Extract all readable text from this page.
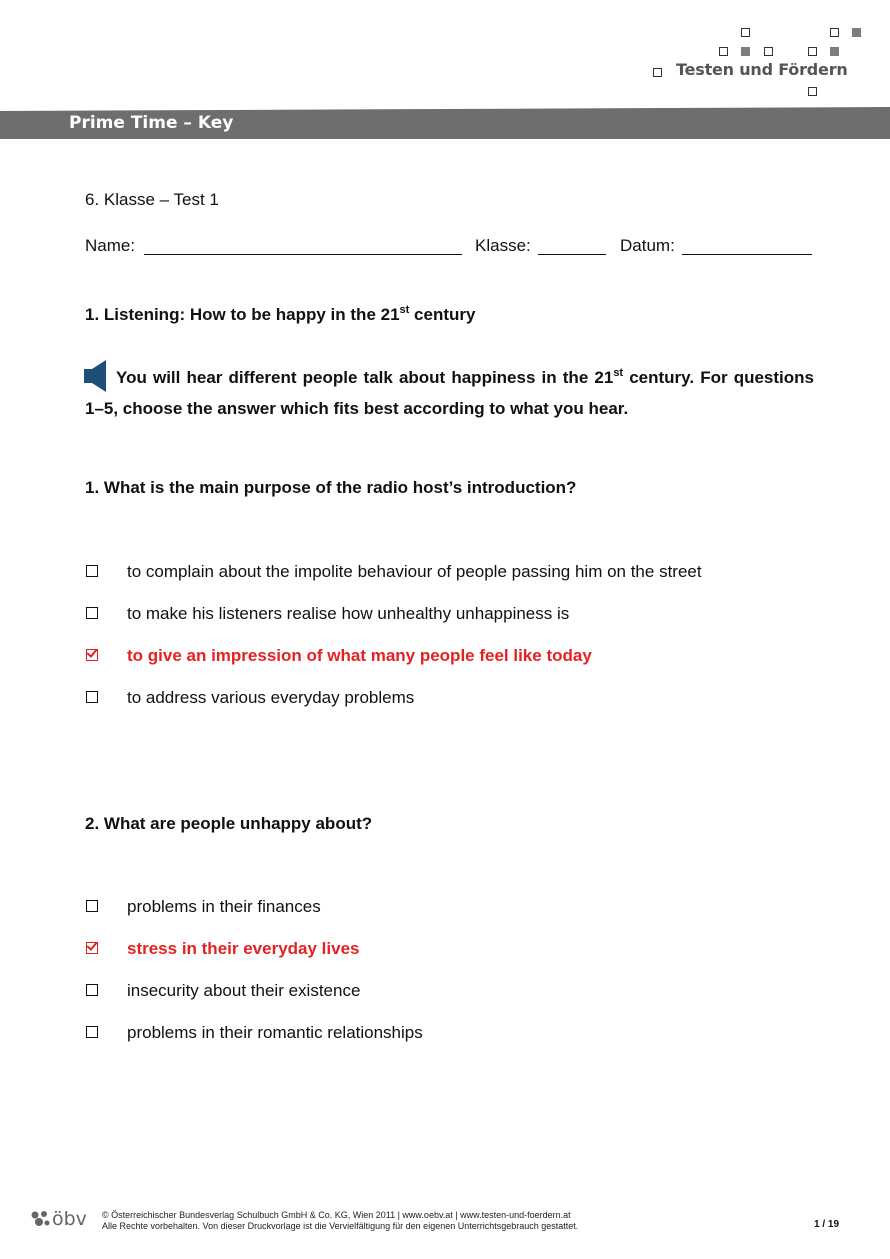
Testen und Fördern
Prime Time – Key
6. Klasse – Test 1
Name:	Klasse:	Datum:
1. Listening: How to be happy in the 21st century
You will hear different people talk about happiness in the 21st century. For questions 1–5, choose the answer which fits best according to what you hear.
1. What is the main purpose of the radio host’s introduction?
to complain about the impolite behaviour of people passing him on the street
to make his listeners realise how unhealthy unhappiness is
to give an impression of what many people feel like today
to address various everyday problems
2. What are people unhappy about?
problems in their finances
stress in their everyday lives
insecurity about their existence
problems in their romantic relationships
öbv © Österreichischer Bundesverlag Schulbuch GmbH & Co. KG, Wien 2011 | www.oebv.at | www.testen-und-foerdern.at
Alle Rechte vorbehalten. Von dieser Druckvorlage ist die Vervielfältigung für den eigenen Unterrichtsgebrauch gestattet.	1 / 19
